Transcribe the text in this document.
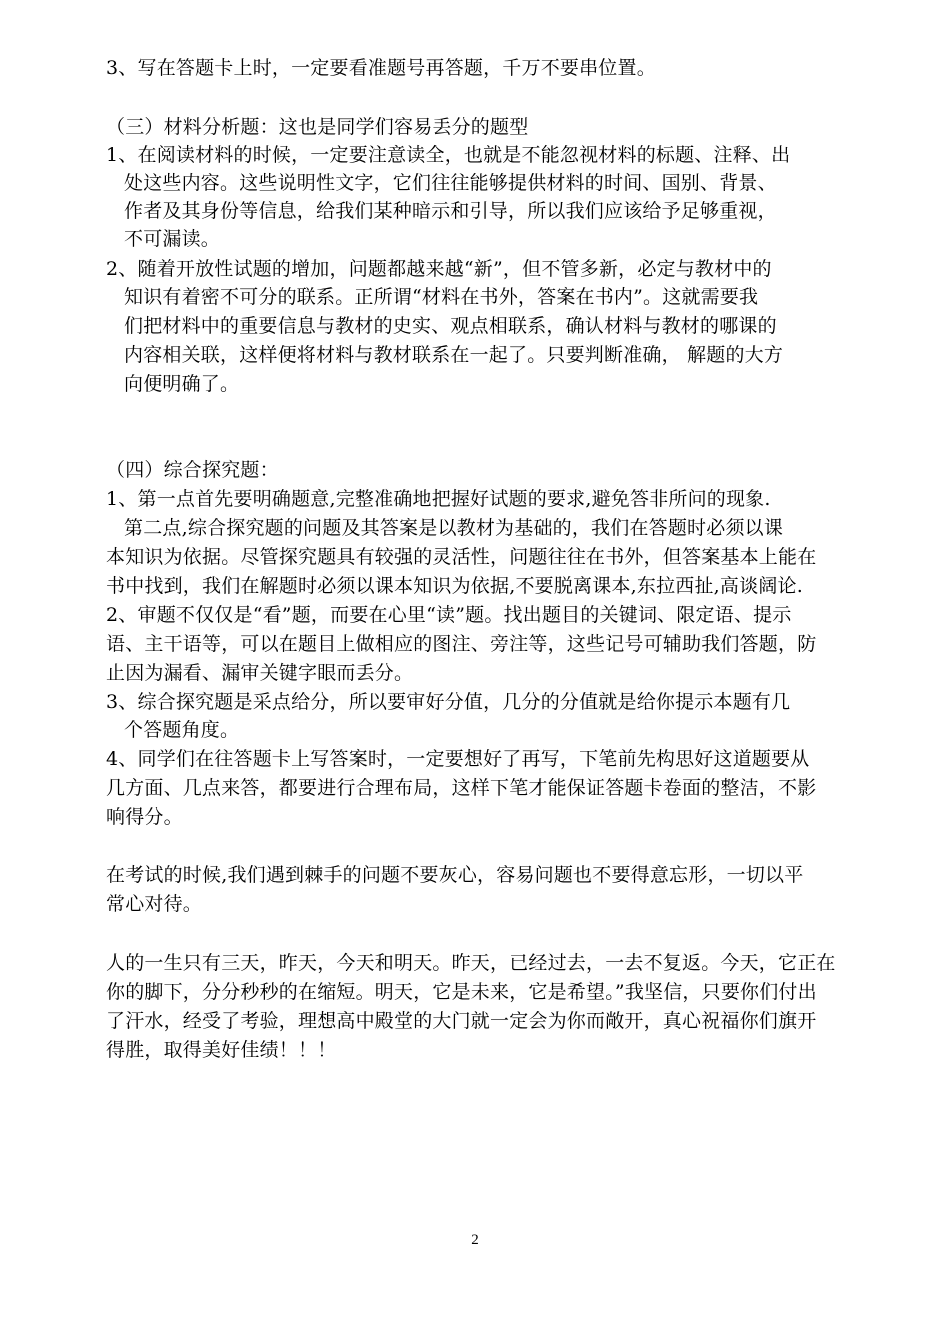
3、写在答题卡上时，一定要看准题号再答题，千万不要串位置。
（三）材料分析题：这也是同学们容易丢分的题型
1、在阅读材料的时候，一定要注意读全，也就是不能忽视材料的标题、注释、出
处这些内容。这些说明性文字，它们往往能够提供材料的时间、国别、背景、
作者及其身份等信息，给我们某种暗示和引导，所以我们应该给予足够重视，
不可漏读。
2、随着开放性试题的增加，问题都越来越“新”，但不管多新，必定与教材中的
知识有着密不可分的联系。正所谓“材料在书外，答案在书内”。这就需要我
们把材料中的重要信息与教材的史实、观点相联系，确认材料与教材的哪课的
内容相关联，这样便将材料与教材联系在一起了。只要判断准确， 解题的大方
向便明确了。
（四）综合探究题：
1、第一点首先要明确题意,完整准确地把握好试题的要求,避免答非所问的现象.
第二点,综合探究题的问题及其答案是以教材为基础的，我们在答题时必须以课
本知识为依据。尽管探究题具有较强的灵活性，问题往往在书外，但答案基本上能在
书中找到，我们在解题时必须以课本知识为依据,不要脱离课本,东拉西扯,高谈阔论.
2、审题不仅仅是“看”题，而要在心里“读”题。找出题目的关键词、限定语、提示
语、主干语等，可以在题目上做相应的图注、旁注等，这些记号可辅助我们答题，防
止因为漏看、漏审关键字眼而丢分。
3、综合探究题是采点给分，所以要审好分值，几分的分值就是给你提示本题有几
个答题角度。
4、同学们在往答题卡上写答案时，一定要想好了再写，下笔前先构思好这道题要从
几方面、几点来答，都要进行合理布局，这样下笔才能保证答题卡卷面的整洁，不影
响得分。
在考试的时候,我们遇到棘手的问题不要灰心，容易问题也不要得意忘形，一切以平
常心对待。
人的一生只有三天，昨天，今天和明天。昨天，已经过去，一去不复返。今天，它正在
你的脚下，分分秒秒的在缩短。明天，它是未来，它是希望。”我坚信，只要你们付出
了汗水，经受了考验，理想高中殿堂的大门就一定会为你而敞开，真心祝福你们旗开
得胜，取得美好佳绩！！！
2
